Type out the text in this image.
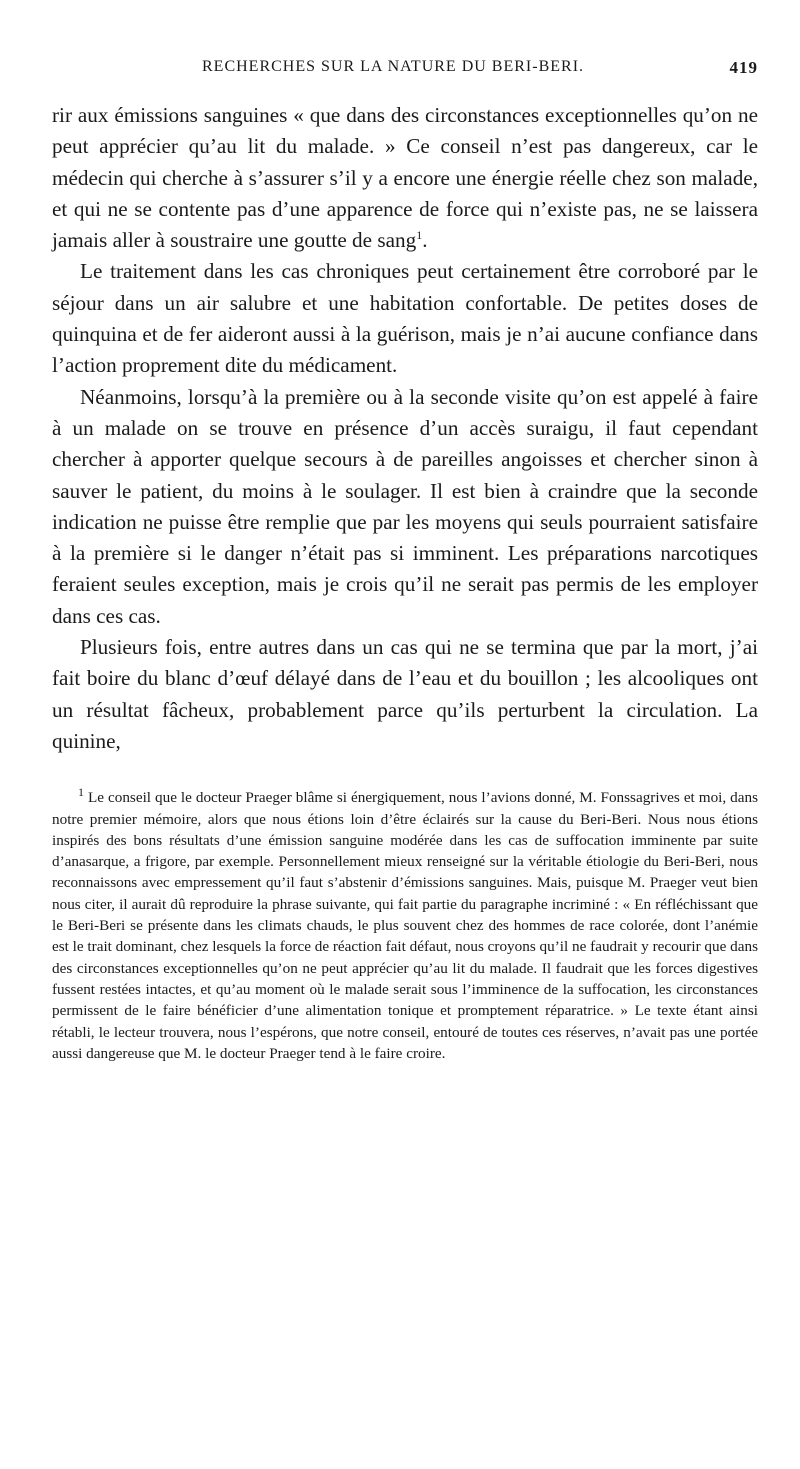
RECHERCHES SUR LA NATURE DU BERI-BERI.	419

rir aux émissions sanguines « que dans des circonstances exceptionnelles qu’on ne peut apprécier qu’au lit du malade. » Ce conseil n’est pas dangereux, car le médecin qui cherche à s’assurer s’il y a encore une énergie réelle chez son malade, et qui ne se contente pas d’une apparence de force qui n’existe pas, ne se laissera jamais aller à soustraire une goutte de sang$^1$.

Le traitement dans les cas chroniques peut certainement être corroboré par le séjour dans un air salubre et une habitation confortable. De petites doses de quinquina et de fer aideront aussi à la guérison, mais je n’ai aucune confiance dans l’action proprement dite du médicament.

Néanmoins, lorsqu’à la première ou à la seconde visite qu’on est appelé à faire à un malade on se trouve en présence d’un accès suraigu, il faut cependant chercher à apporter quelque secours à de pareilles angoisses et chercher sinon à sauver le patient, du moins à le soulager. Il est bien à craindre que la seconde indication ne puisse être remplie que par les moyens qui seuls pourraient satisfaire à la première si le danger n’était pas si imminent. Les préparations narcotiques feraient seules exception, mais je crois qu’il ne serait pas permis de les employer dans ces cas.

Plusieurs fois, entre autres dans un cas qui ne se termina que par la mort, j’ai fait boire du blanc d’œuf délayé dans de l’eau et du bouillon ; les alcooliques ont un résultat fâcheux, probablement parce qu’ils perturbent la circulation. La quinine,

$^1$ Le conseil que le docteur Praeger blâme si énergiquement, nous l’avions donné, M. Fonssagrives et moi, dans notre premier mémoire, alors que nous étions loin d’être éclairés sur la cause du Beri-Beri. Nous nous étions inspirés des bons résultats d’une émission sanguine modérée dans les cas de suffocation imminente par suite d’anasarque, a frigore, par exemple. Personnellement mieux renseigné sur la véritable étiologie du Beri-Beri, nous reconnaissons avec empressement qu’il faut s’abstenir d’émissions sanguines. Mais, puisque M. Praeger veut bien nous citer, il aurait dû reproduire la phrase suivante, qui fait partie du paragraphe incriminé : « En réfléchissant que le Beri-Beri se présente dans les climats chauds, le plus souvent chez des hommes de race colorée, dont l’anémie est le trait dominant, chez lesquels la force de réaction fait défaut, nous croyons qu’il ne faudrait y recourir que dans des circonstances exceptionnelles qu’on ne peut apprécier qu’au lit du malade. Il faudrait que les forces digestives fussent restées intactes, et qu’au moment où le malade serait sous l’imminence de la suffocation, les circonstances permissent de le faire bénéficier d’une alimentation tonique et promptement réparatrice. » Le texte étant ainsi rétabli, le lecteur trouvera, nous l’espérons, que notre conseil, entouré de toutes ces réserves, n’avait pas une portée aussi dangereuse que M. le docteur Praeger tend à le faire croire.
